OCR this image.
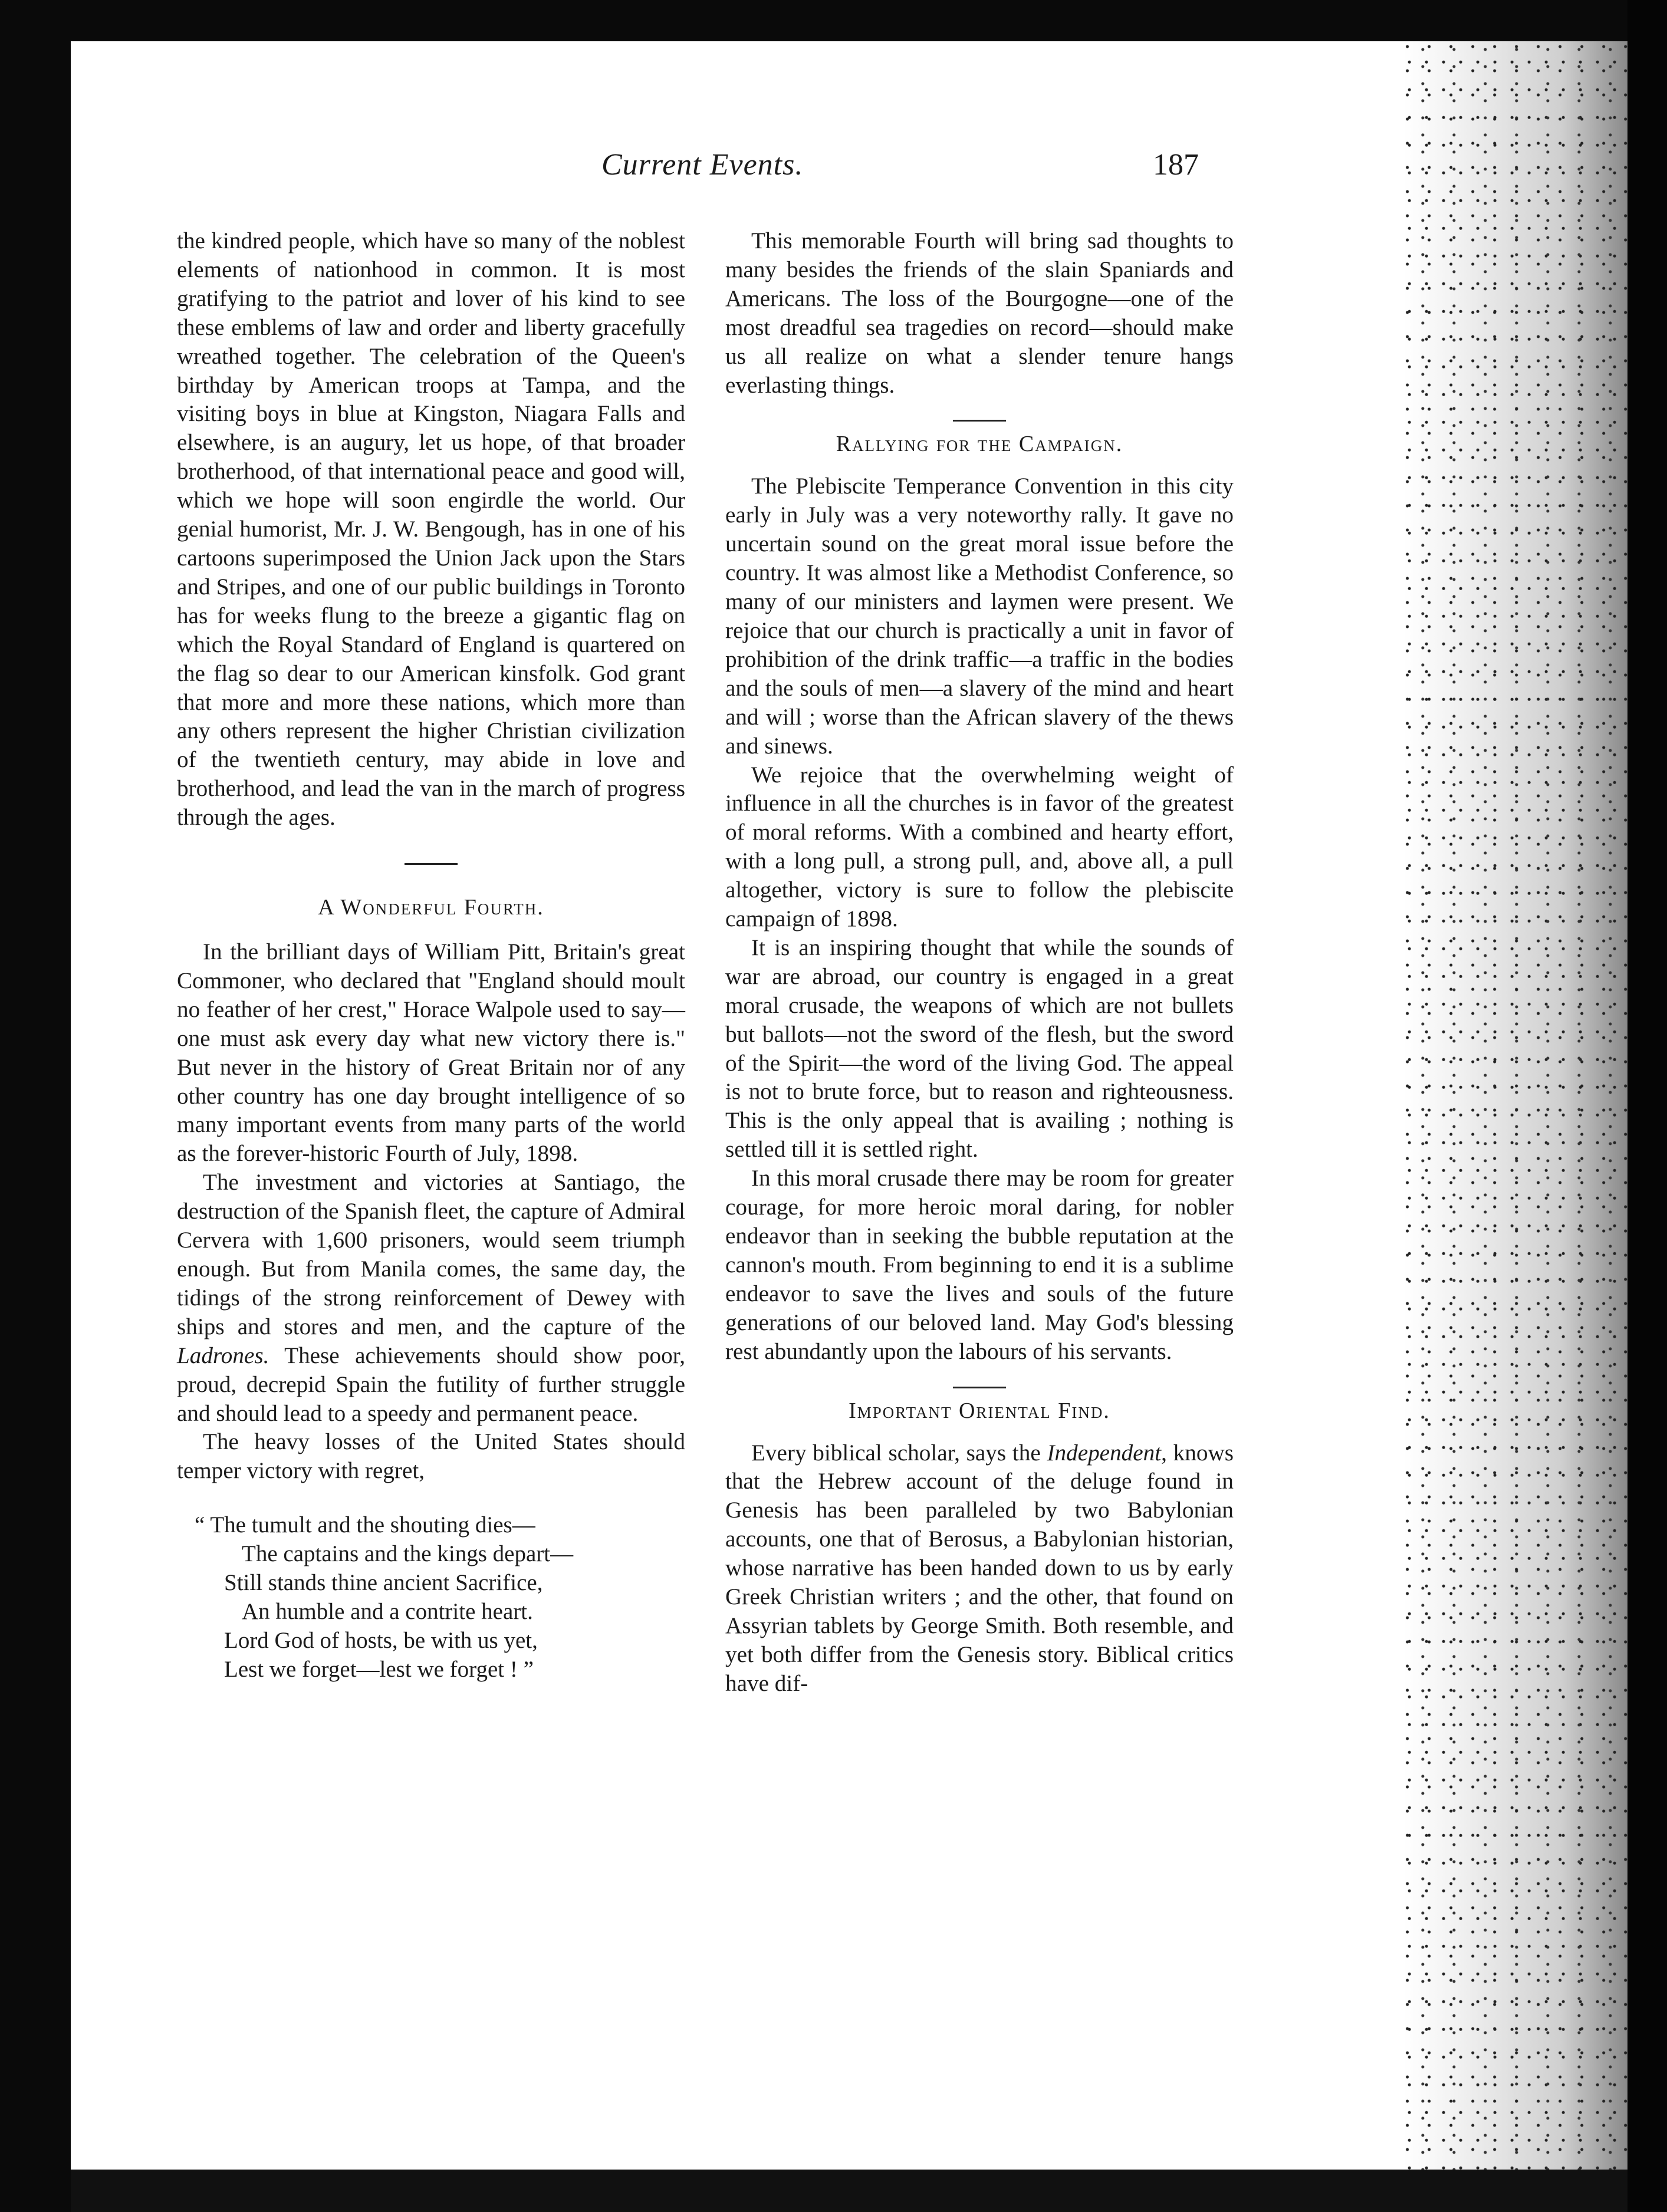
Current Events.	187

the kindred people, which have so many of the noblest elements of nationhood in common. It is most gratifying to the patriot and lover of his kind to see these emblems of law and order and liberty gracefully wreathed together. The celebration of the Queen's birthday by American troops at Tampa, and the visiting boys in blue at Kingston, Niagara Falls and elsewhere, is an augury, let us hope, of that broader brotherhood, of that international peace and good will, which we hope will soon engirdle the world. Our genial humorist, Mr. J. W. Bengough, has in one of his cartoons superimposed the Union Jack upon the Stars and Stripes, and one of our public buildings in Toronto has for weeks flung to the breeze a gigantic flag on which the Royal Standard of England is quartered on the flag so dear to our American kinsfolk. God grant that more and more these nations, which more than any others represent the higher Christian civilization of the twentieth century, may abide in love and brotherhood, and lead the van in the march of progress through the ages.

A Wonderful Fourth.

In the brilliant days of William Pitt, Britain's great Commoner, who declared that "England should moult no feather of her crest," Horace Walpole used to say—one must ask every day what new victory there is." But never in the history of Great Britain nor of any other country has one day brought intelligence of so many important events from many parts of the world as the forever-historic Fourth of July, 1898.

The investment and victories at Santiago, the destruction of the Spanish fleet, the capture of Admiral Cervera with 1,600 prisoners, would seem triumph enough. But from Manila comes, the same day, the tidings of the strong reinforcement of Dewey with ships and stores and men, and the capture of the Ladrones. These achievements should show poor, proud, decrepid Spain the futility of further struggle and should lead to a speedy and permanent peace.

The heavy losses of the United States should temper victory with regret,

“ The tumult and the shouting dies—
The captains and the kings depart—
Still stands thine ancient Sacrifice,
An humble and a contrite heart.
Lord God of hosts, be with us yet,
Lest we forget—lest we forget ! ”

This memorable Fourth will bring sad thoughts to many besides the friends of the slain Spaniards and Americans. The loss of the Bourgogne—one of the most dreadful sea tragedies on record—should make us all realize on what a slender tenure hangs everlasting things.

Rallying for the Campaign.

The Plebiscite Temperance Convention in this city early in July was a very noteworthy rally. It gave no uncertain sound on the great moral issue before the country. It was almost like a Methodist Conference, so many of our ministers and laymen were present. We rejoice that our church is practically a unit in favor of prohibition of the drink traffic—a traffic in the bodies and the souls of men—a slavery of the mind and heart and will ; worse than the African slavery of the thews and sinews.

We rejoice that the overwhelming weight of influence in all the churches is in favor of the greatest of moral reforms. With a combined and hearty effort, with a long pull, a strong pull, and, above all, a pull altogether, victory is sure to follow the plebiscite campaign of 1898.

It is an inspiring thought that while the sounds of war are abroad, our country is engaged in a great moral crusade, the weapons of which are not bullets but ballots—not the sword of the flesh, but the sword of the Spirit—the word of the living God. The appeal is not to brute force, but to reason and righteousness. This is the only appeal that is availing ; nothing is settled till it is settled right.

In this moral crusade there may be room for greater courage, for more heroic moral daring, for nobler endeavor than in seeking the bubble reputation at the cannon's mouth. From beginning to end it is a sublime endeavor to save the lives and souls of the future generations of our beloved land. May God's blessing rest abundantly upon the labours of his servants.

Important Oriental Find.

Every biblical scholar, says the Independent, knows that the Hebrew account of the deluge found in Genesis has been paralleled by two Babylonian accounts, one that of Berosus, a Babylonian historian, whose narrative has been handed down to us by early Greek Christian writers ; and the other, that found on Assyrian tablets by George Smith. Both resemble, and yet both differ from the Genesis story. Biblical critics have dif-
